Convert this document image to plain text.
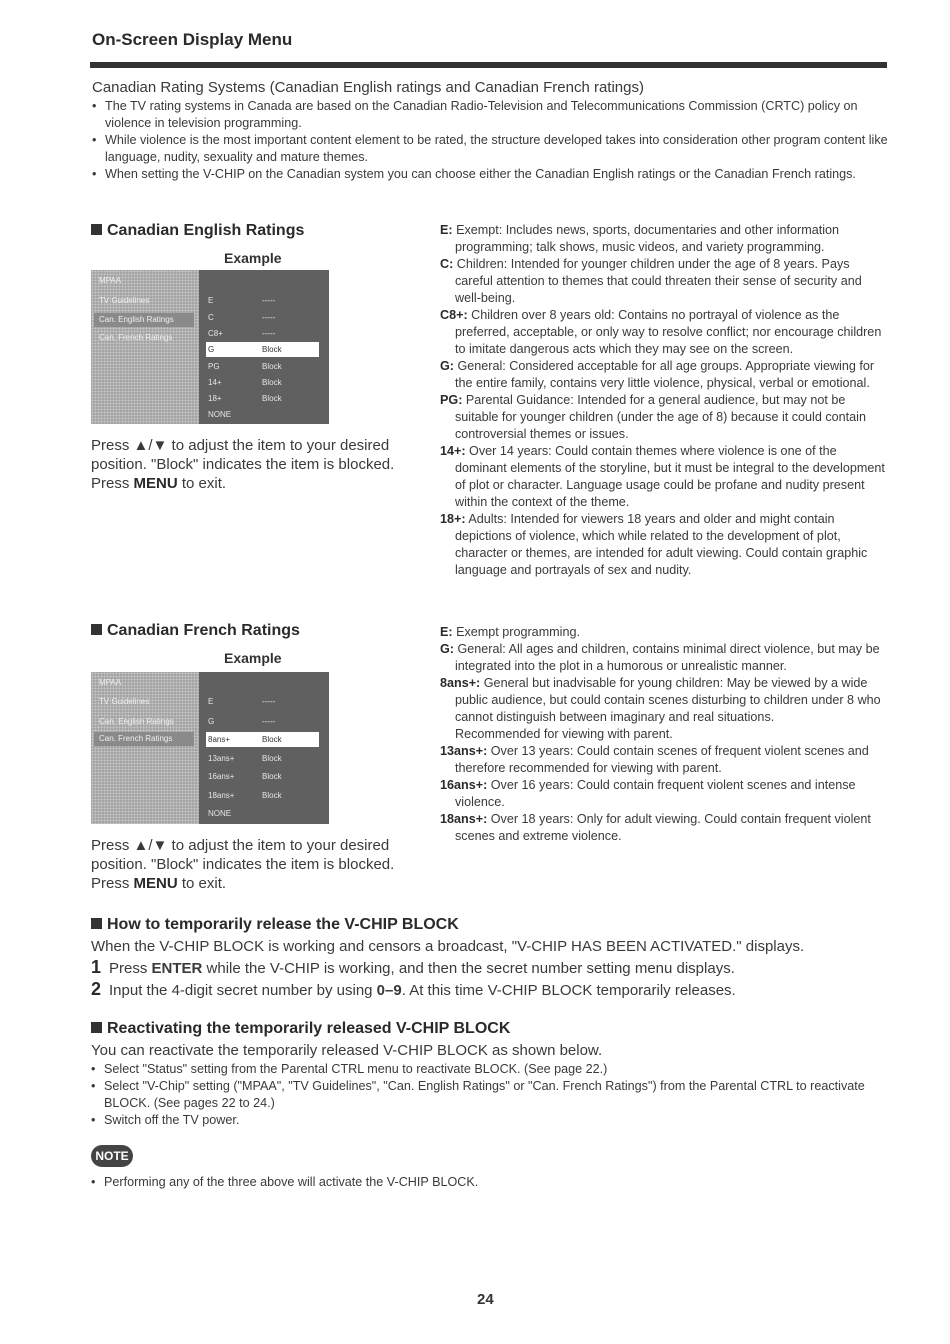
On-Screen Display Menu
Canadian Rating Systems (Canadian English ratings and Canadian French ratings)
• The TV rating systems in Canada are based on the Canadian Radio-Television and Telecommunications Commission (CRTC) policy on violence in television programming.
• While violence is the most important content element to be rated, the structure developed takes into consideration other program content like language, nudity, sexuality and mature themes.
• When setting the V-CHIP on the Canadian system you can choose either the Canadian English ratings or the Canadian French ratings.
Canadian English Ratings
Example
MPAA
TV Guidelines
Can. English Ratings
Can. French Ratings
E	-----
C	-----
C8+	-----
G	Block
PG	Block
14+	Block
18+	Block
NONE
Press ▲/▼ to adjust the item to your desired position. "Block" indicates the item is blocked. Press MENU to exit.
E: Exempt: Includes news, sports, documentaries and other information programming; talk shows, music videos, and variety programming.
C: Children: Intended for younger children under the age of 8 years. Pays careful attention to themes that could threaten their sense of security and well-being.
C8+: Children over 8 years old: Contains no portrayal of violence as the preferred, acceptable, or only way to resolve conflict; nor encourage children to imitate dangerous acts which they may see on the screen.
G: General: Considered acceptable for all age groups. Appropriate viewing for the entire family, contains very little violence, physical, verbal or emotional.
PG: Parental Guidance: Intended for a general audience, but may not be suitable for younger children (under the age of 8) because it could contain controversial themes or issues.
14+: Over 14 years: Could contain themes where violence is one of the dominant elements of the storyline, but it must be integral to the development of plot or character. Language usage could be profane and nudity present within the context of the theme.
18+: Adults: Intended for viewers 18 years and older and might contain depictions of violence, which while related to the development of plot, character or themes, are intended for adult viewing. Could contain graphic language and portrayals of sex and nudity.
Canadian French Ratings
Example
MPAA
TV Guidelines
Can. English Ratings
Can. French Ratings
E	-----
G	-----
8ans+	Block
13ans+	Block
16ans+	Block
18ans+	Block
NONE
Press ▲/▼ to adjust the item to your desired position. "Block" indicates the item is blocked. Press MENU to exit.
E: Exempt programming.
G: General: All ages and children, contains minimal direct violence, but may be integrated into the plot in a humorous or unrealistic manner.
8ans+: General but inadvisable for young children: May be viewed by a wide public audience, but could contain scenes disturbing to children under 8 who cannot distinguish between imaginary and real situations.
Recommended for viewing with parent.
13ans+: Over 13 years: Could contain scenes of frequent violent scenes and therefore recommended for viewing with parent.
16ans+: Over 16 years: Could contain frequent violent scenes and intense violence.
18ans+: Over 18 years: Only for adult viewing. Could contain frequent violent scenes and extreme violence.
How to temporarily release the V-CHIP BLOCK
When the V-CHIP BLOCK is working and censors a broadcast, "V-CHIP HAS BEEN ACTIVATED." displays.
1 Press ENTER while the V-CHIP is working, and then the secret number setting menu displays.
2 Input the 4-digit secret number by using 0–9. At this time V-CHIP BLOCK temporarily releases.
Reactivating the temporarily released V-CHIP BLOCK
You can reactivate the temporarily released V-CHIP BLOCK as shown below.
• Select "Status" setting from the Parental CTRL menu to reactivate BLOCK. (See page 22.)
• Select "V-Chip" setting ("MPAA", "TV Guidelines", "Can. English Ratings" or "Can. French Ratings") from the Parental CTRL to reactivate BLOCK. (See pages 22 to 24.)
• Switch off the TV power.
NOTE
• Performing any of the three above will activate the V-CHIP BLOCK.
24
